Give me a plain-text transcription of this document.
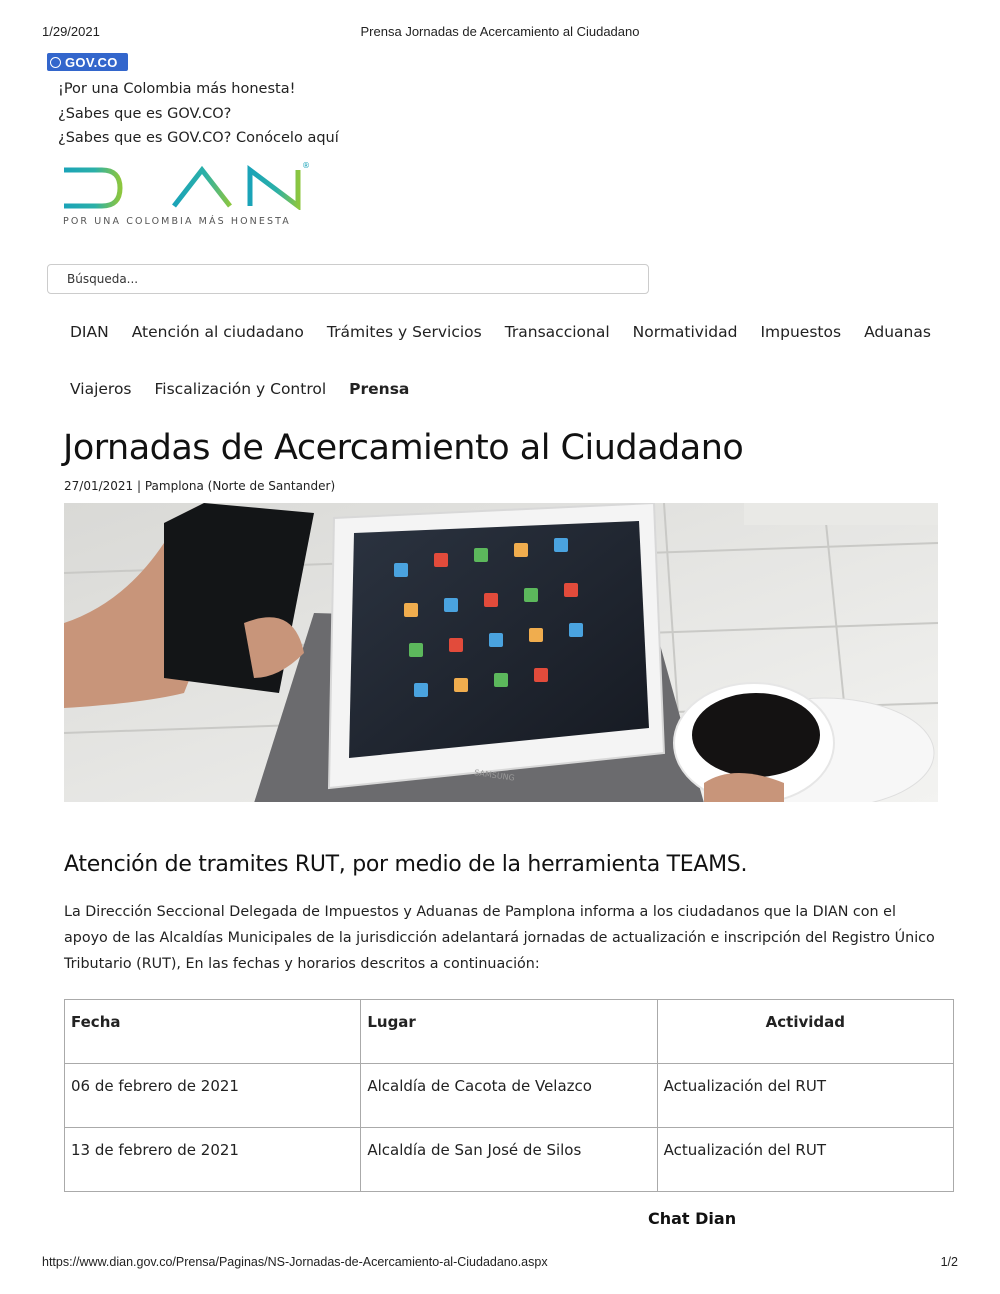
1/29/2021	Prensa Jornadas de Acercamiento al Ciudadano
GOV.CO
¡Por una Colombia más honesta!
¿Sabes que es GOV.CO?
¿Sabes que es GOV.CO? Conócelo aquí
®
POR UNA COLOMBIA MÁS HONESTA
Búsqueda...
DIAN Atención al ciudadano Trámites y Servicios Transaccional Normatividad Impuestos Aduanas
Viajeros Fiscalización y Control Prensa
Jornadas de Acercamiento al Ciudadano
27/01/2021 | Pamplona (Norte de Santander)
SAMSUNG
Atención de tramites RUT, por medio de la herramienta TEAMS.

La Dirección Seccional Delegada de Impuestos y Aduanas de Pamplona informa a los ciudadanos que la DIAN con el apoyo de las Alcaldías Municipales de la jurisdicción adelantará jornadas de actualización e inscripción del Registro Único Tributario (RUT), En las fechas y horarios descritos a continuación:

Fecha	Lugar	Actividad
06 de febrero de 2021	Alcaldía de Cacota de Velazco	Actualización del RUT
13 de febrero de 2021	Alcaldía de San José de Silos	Actualización del RUT
Chat Dian
https://www.dian.gov.co/Prensa/Paginas/NS-Jornadas-de-Acercamiento-al-Ciudadano.aspx	1/2
